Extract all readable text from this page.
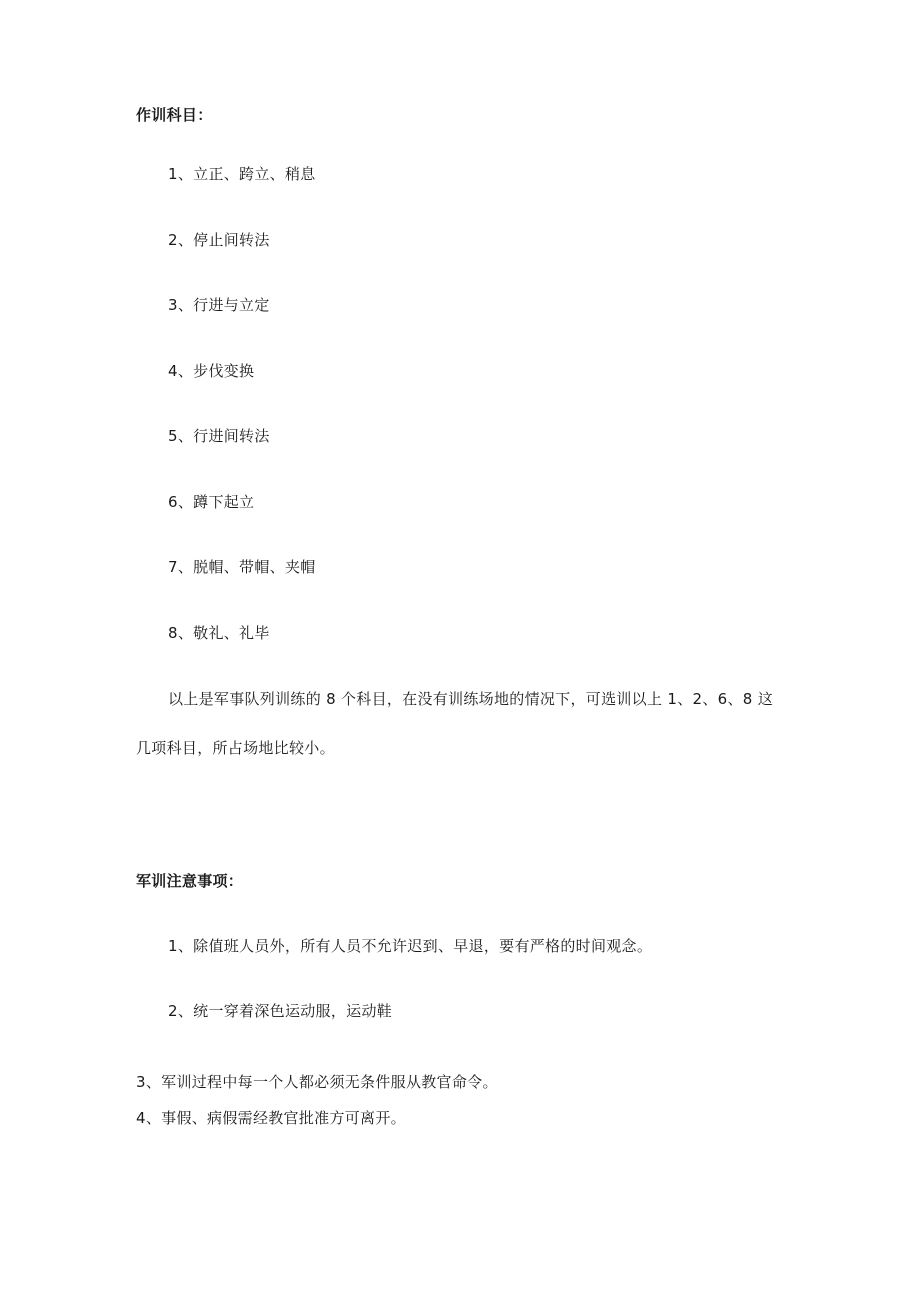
作训科目：
1、立正、跨立、稍息
2、停止间转法
3、行进与立定
4、步伐变换
5、行进间转法
6、蹲下起立
7、脱帽、带帽、夹帽
8、敬礼、礼毕
以上是军事队列训练的 8 个科目，在没有训练场地的情况下，可选训以上 1、2、6、8 这
几项科目，所占场地比较小。
军训注意事项：
1、除值班人员外，所有人员不允许迟到、早退，要有严格的时间观念。
2、统一穿着深色运动服，运动鞋
3、军训过程中每一个人都必须无条件服从教官命令。
4、事假、病假需经教官批准方可离开。
